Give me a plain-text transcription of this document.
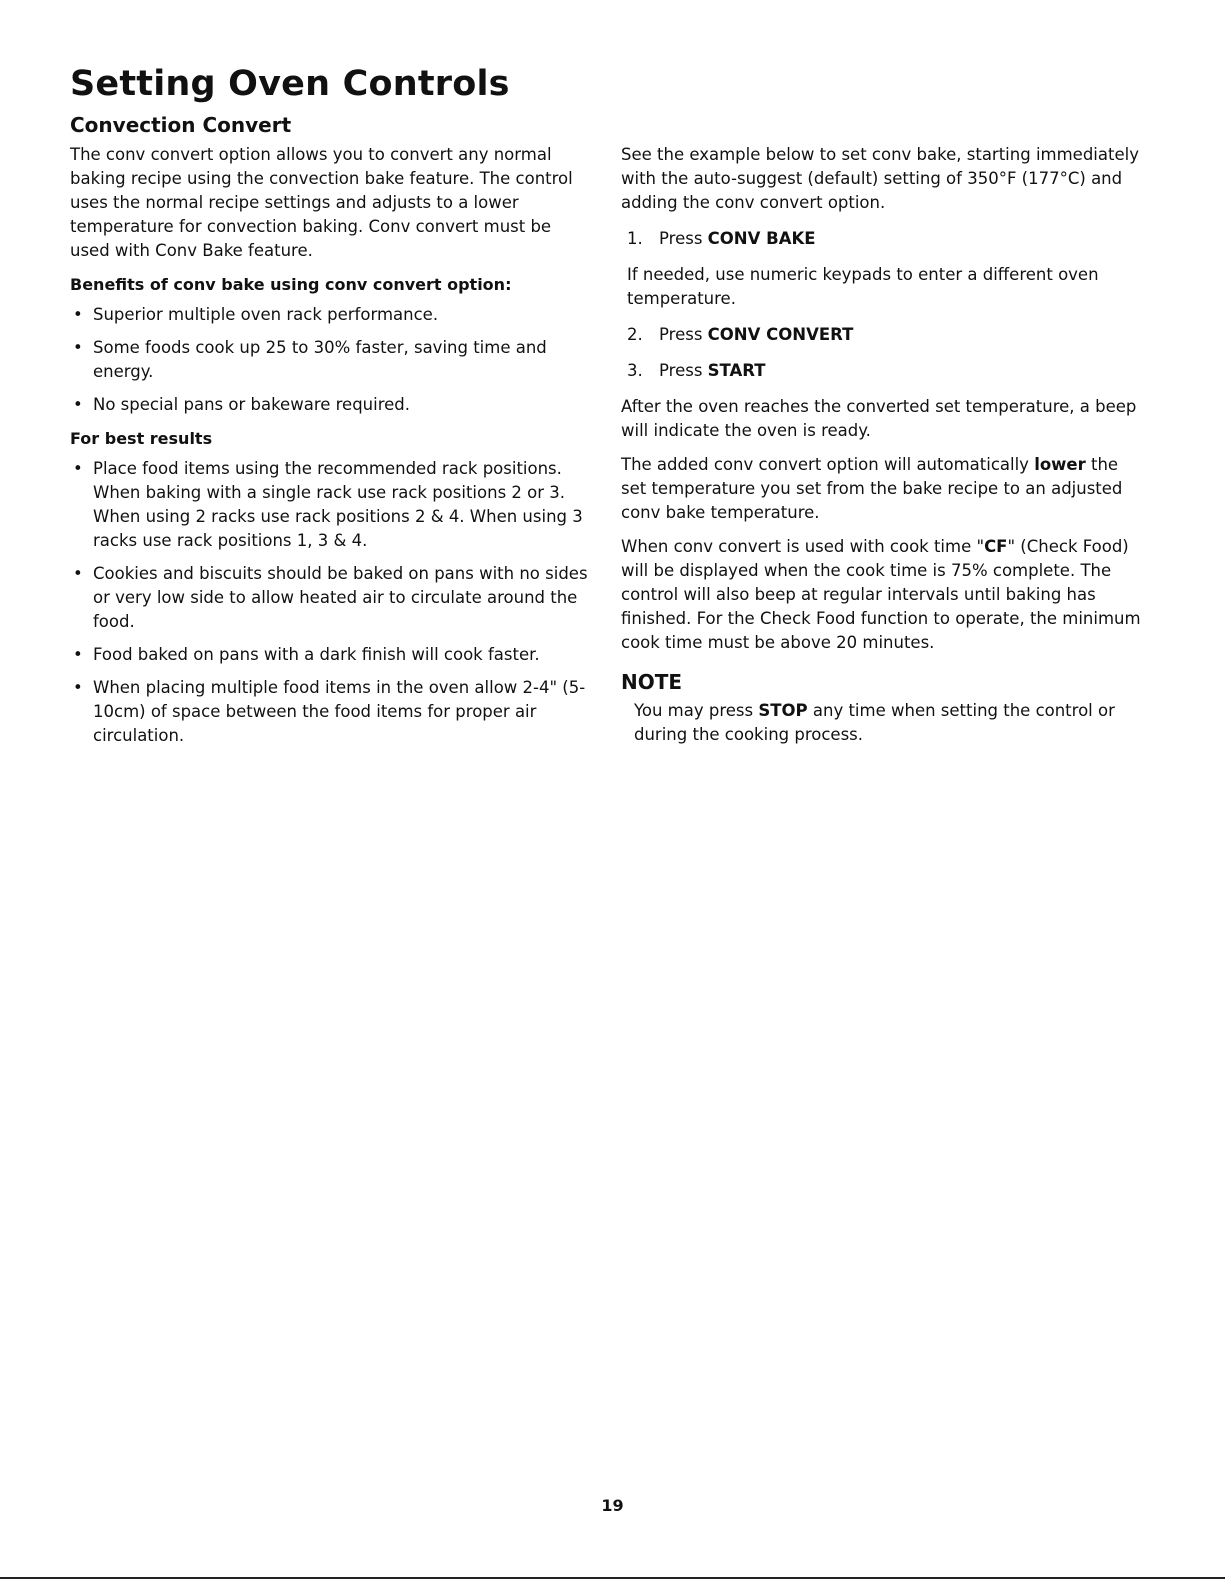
Setting Oven Controls
Convection Convert

The conv convert option allows you to convert any normal baking recipe using the convection bake feature. The control uses the normal recipe settings and adjusts to a lower temperature for convection baking. Conv convert must be used with Conv Bake feature.

Benefits of conv bake using conv convert option:
• Superior multiple oven rack performance.
• Some foods cook up 25 to 30% faster, saving time and energy.
• No special pans or bakeware required.
For best results
• Place food items using the recommended rack positions. When baking with a single rack use rack positions 2 or 3. When using 2 racks use rack positions 2 & 4. When using 3 racks use rack positions 1, 3 & 4.
• Cookies and biscuits should be baked on pans with no sides or very low side to allow heated air to circulate around the food.
• Food baked on pans with a dark finish will cook faster.
• When placing multiple food items in the oven allow 2-4" (5-10cm) of space between the food items for proper air circulation.

See the example below to set conv bake, starting immediately with the auto-suggest (default) setting of 350°F (177°C) and adding the conv convert option.

1. Press CONV BAKE

If needed, use numeric keypads to enter a different oven temperature.

2. Press CONV CONVERT
3. Press START

After the oven reaches the converted set temperature, a beep will indicate the oven is ready.

The added conv convert option will automatically lower the set temperature you set from the bake recipe to an adjusted conv bake temperature.

When conv convert is used with cook time "CF" (Check Food) will be displayed when the cook time is 75% complete. The control will also beep at regular intervals until baking has finished. For the Check Food function to operate, the minimum cook time must be above 20 minutes.

NOTE

You may press STOP any time when setting the control or during the cooking process.

19
